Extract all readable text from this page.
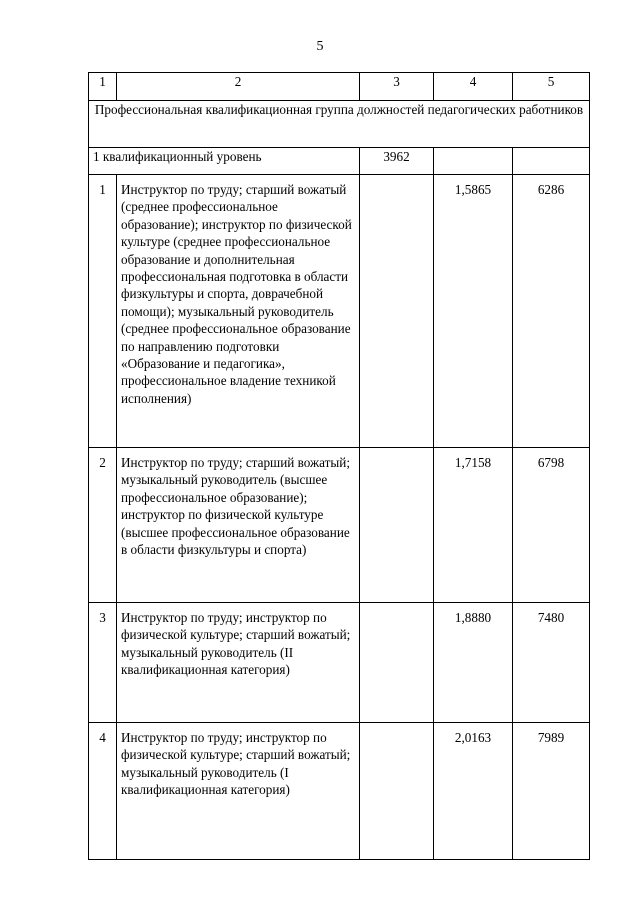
5
1	2	3	4	5
Профессиональная квалификационная группа должностей педагогических работников				
1 квалификационный уровень		3962		
1	Инструктор по труду; старший вожатый (среднее профессиональное образование); инструктор по физической культуре (среднее профессиональное образование и дополнительная профессиональная подготовка в области физкультуры и спорта, доврачебной помощи); музыкальный руководитель (среднее профессиональное образование по направлению подготовки «Образование и педагогика», профессиональное владение техникой исполнения)		1,5865	6286
2	Инструктор по труду; старший вожатый; музыкальный руководитель (высшее профессиональное образование); инструктор по физической культуре (высшее профессиональное образование в области физкультуры и спорта)		1,7158	6798
3	Инструктор по труду; инструктор по физической культуре; старший вожатый; музыкальный руководитель (II квалификационная категория)		1,8880	7480
4	Инструктор по труду; инструктор по физической культуре; старший вожатый; музыкальный руководитель (I квалификационная категория)		2,0163	7989
